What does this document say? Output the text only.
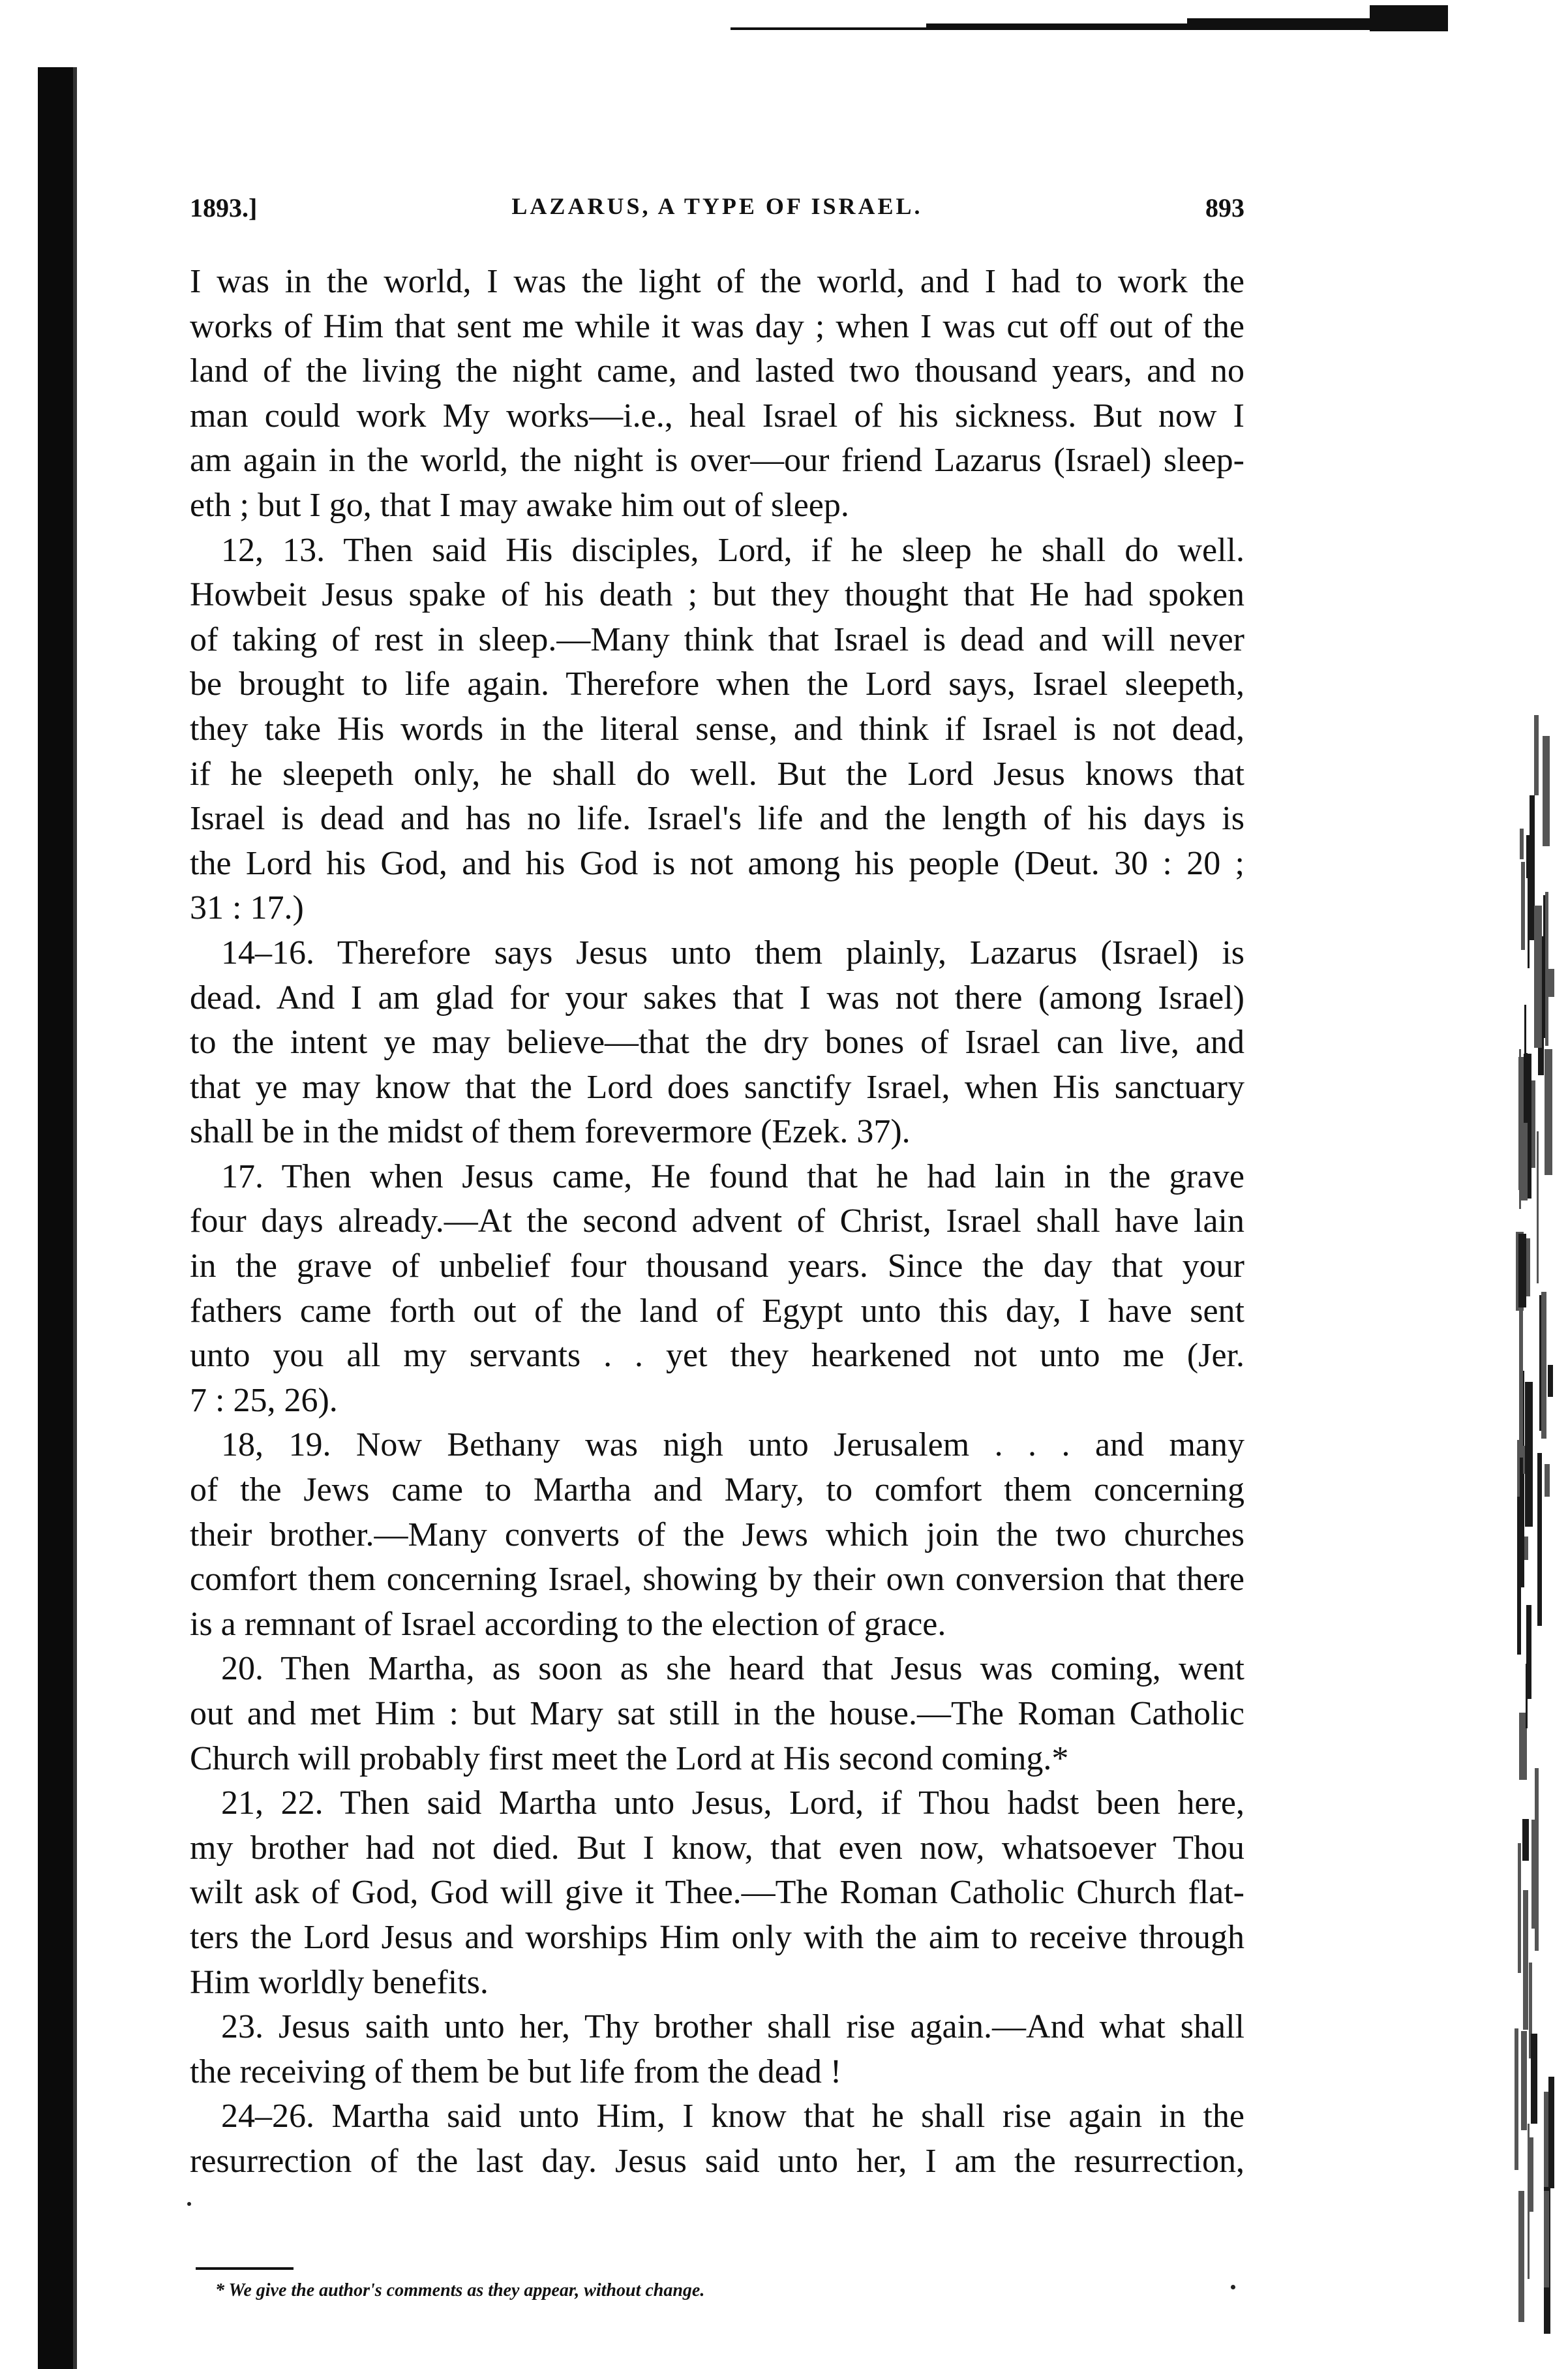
1893.]	LAZARUS, A TYPE OF ISRAEL.	893
I was in the world, I was the light of the world, and I had to work the
works of Him that sent me while it was day ; when I was cut off out of the
land of the living the night came, and lasted two thousand years, and no
man could work My works—i.e., heal Israel of his sickness. But now I
am again in the world, the night is over—our friend Lazarus (Israel) sleep-
eth ; but I go, that I may awake him out of sleep.
12, 13. Then said His disciples, Lord, if he sleep he shall do well.
Howbeit Jesus spake of his death ; but they thought that He had spoken
of taking of rest in sleep.—Many think that Israel is dead and will never
be brought to life again. Therefore when the Lord says, Israel sleepeth,
they take His words in the literal sense, and think if Israel is not dead,
if he sleepeth only, he shall do well. But the Lord Jesus knows that
Israel is dead and has no life. Israel's life and the length of his days is
the Lord his God, and his God is not among his people (Deut. 30 : 20 ;
31 : 17.)
14–16. Therefore says Jesus unto them plainly, Lazarus (Israel) is
dead. And I am glad for your sakes that I was not there (among Israel)
to the intent ye may believe—that the dry bones of Israel can live, and
that ye may know that the Lord does sanctify Israel, when His sanctuary
shall be in the midst of them forevermore (Ezek. 37).
17. Then when Jesus came, He found that he had lain in the grave
four days already.—At the second advent of Christ, Israel shall have lain
in the grave of unbelief four thousand years. Since the day that your
fathers came forth out of the land of Egypt unto this day, I have sent
unto you all my servants . . yet they hearkened not unto me (Jer.
7 : 25, 26).
18, 19. Now Bethany was nigh unto Jerusalem . . . and many
of the Jews came to Martha and Mary, to comfort them concerning
their brother.—Many converts of the Jews which join the two churches
comfort them concerning Israel, showing by their own conversion that there
is a remnant of Israel according to the election of grace.
20. Then Martha, as soon as she heard that Jesus was coming, went
out and met Him : but Mary sat still in the house.—The Roman Catholic
Church will probably first meet the Lord at His second coming.*
21, 22. Then said Martha unto Jesus, Lord, if Thou hadst been here,
my brother had not died. But I know, that even now, whatsoever Thou
wilt ask of God, God will give it Thee.—The Roman Catholic Church flat-
ters the Lord Jesus and worships Him only with the aim to receive through
Him worldly benefits.
23. Jesus saith unto her, Thy brother shall rise again.—And what shall
the receiving of them be but life from the dead !
24–26. Martha said unto Him, I know that he shall rise again in the
resurrection of the last day. Jesus said unto her, I am the resurrection,
* We give the author's comments as they appear, without change.
